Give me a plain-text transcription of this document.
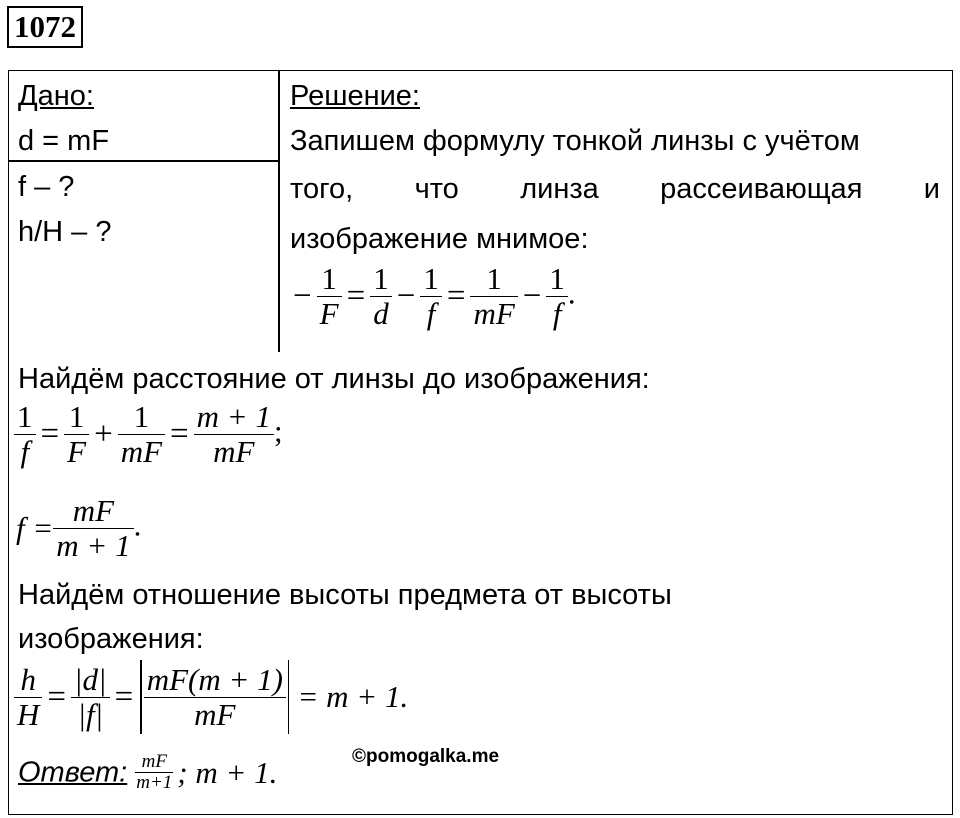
1072
Дано:
d = mF
f – ?
h/H – ?
Решение:
Запишем формулу тонкой линзы с учётом
того, что линза рассеивающая и
изображение мнимое:
− $\frac{1}{F} = \frac{1}{d} - \frac{1}{f} = \frac{1}{mF} - \frac{1}{f}$ .
Найдём расстояние от линзы до изображения:
$\frac{1}{f} = \frac{1}{F} + \frac{1}{mF} = \frac{m + 1}{mF}$ ;
$f = \frac{mF}{m + 1}$ .
Найдём отношение высоты предмета от высоты
изображения:
$\frac{h}{H} = \frac{|d|}{|f|} = \frac{mF(m + 1)}{mF} = m + 1$.
©pomogalka.me
Ответ: $\frac{mF}{m+1}$ ; m + 1.
